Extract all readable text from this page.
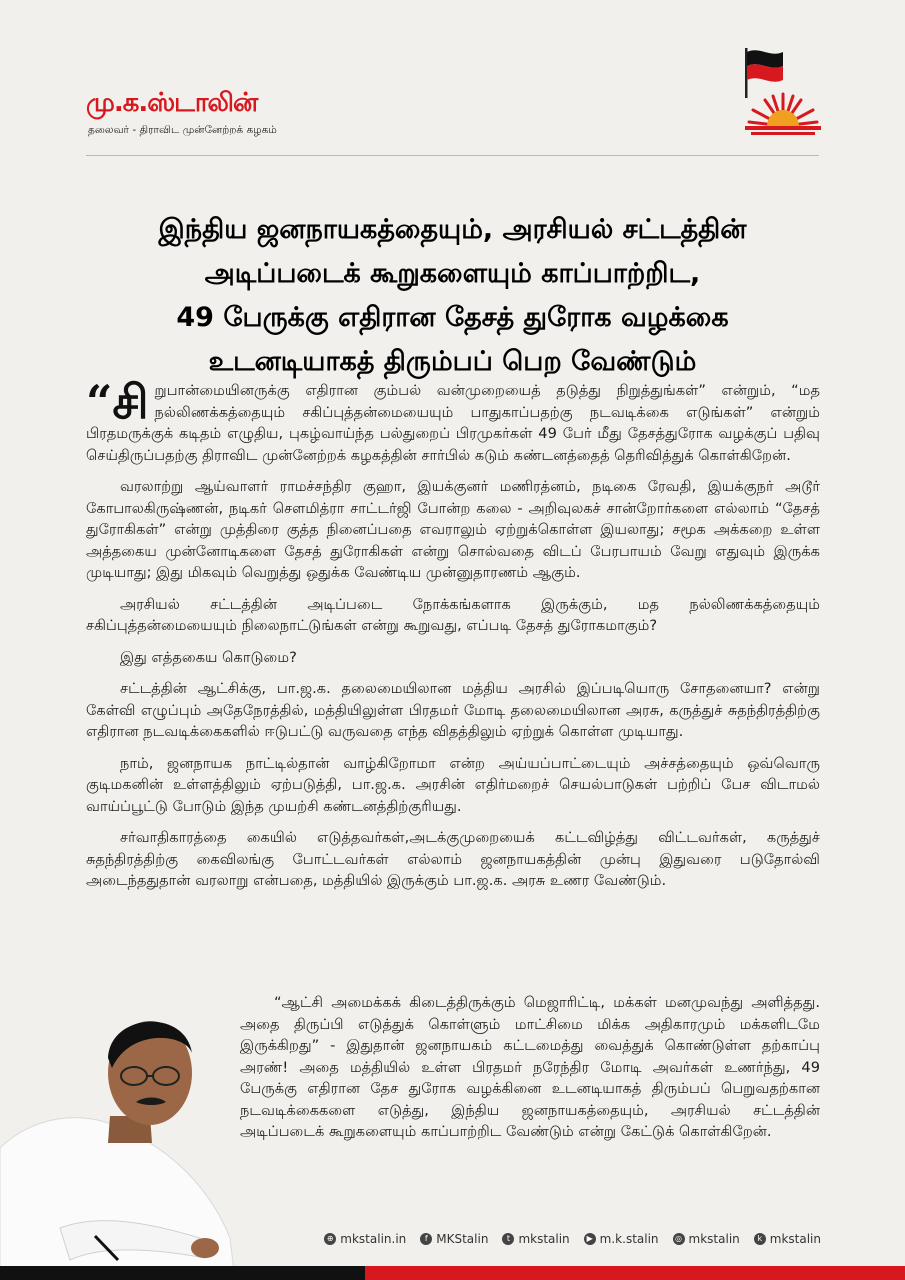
மு.க.ஸ்டாலின்
தலைவர் - திராவிட முன்னேற்றக் கழகம்
இந்திய ஜனநாயகத்தையும், அரசியல் சட்டத்தின்
அடிப்படைக் கூறுகளையும் காப்பாற்றிட,
49 பேருக்கு எதிரான தேசத் துரோக வழக்கை
உடனடியாகத் திரும்பப் பெற வேண்டும்

“சி றுபான்மையினருக்கு எதிரான கும்பல் வன்முறையைத் தடுத்து நிறுத்துங்கள்” என்றும், “மத நல்லிணக்கத்தையும் சகிப்புத்தன்மையையும் பாதுகாப்பதற்கு நடவடிக்கை எடுங்கள்” என்றும் பிரதமருக்குக் கடிதம் எழுதிய, புகழ்வாய்ந்த பல்துறைப் பிரமுகர்கள் 49 பேர் மீது தேசத்துரோக வழக்குப் பதிவு செய்திருப்பதற்கு திராவிட முன்னேற்றக் கழகத்தின் சார்பில் கடும் கண்டனத்தைத் தெரிவித்துக் கொள்கிறேன்.

வரலாற்று ஆய்வாளர் ராமச்சந்திர குஹா, இயக்குனர் மணிரத்னம், நடிகை ரேவதி, இயக்குநர் அடூர் கோபாலகிருஷ்ணன், நடிகர் சௌமித்ரா சாட்டர்ஜி போன்ற கலை - அறிவுலகச் சான்றோர்களை எல்லாம் “தேசத் துரோகிகள்” என்று முத்திரை குத்த நினைப்பதை எவராலும் ஏற்றுக்கொள்ள இயலாது; சமூக அக்கறை உள்ள அத்தகைய முன்னோடிகளை தேசத் துரோகிகள் என்று சொல்வதை விடப் பேரபாயம் வேறு எதுவும் இருக்க முடியாது; இது மிகவும் வெறுத்து ஒதுக்க வேண்டிய முன்னுதாரணம் ஆகும்.

அரசியல் சட்டத்தின் அடிப்படை நோக்கங்களாக இருக்கும், மத நல்லிணக்கத்தையும் சகிப்புத்தன்மையையும் நிலைநாட்டுங்கள் என்று கூறுவது, எப்படி தேசத் துரோகமாகும்?

இது எத்தகைய கொடுமை?

சட்டத்தின் ஆட்சிக்கு, பா.ஜ.க. தலைமையிலான மத்திய அரசில் இப்படியொரு சோதனையா? என்று கேள்வி எழுப்பும் அதேநேரத்தில், மத்தியிலுள்ள பிரதமர் மோடி தலைமையிலான அரசு, கருத்துச் சுதந்திரத்திற்கு எதிரான நடவடிக்கைகளில் ஈடுபட்டு வருவதை எந்த விதத்திலும் ஏற்றுக் கொள்ள முடியாது.

நாம், ஜனநாயக நாட்டில்தான் வாழ்கிறோமா என்ற அய்யப்பாட்டையும் அச்சத்தையும் ஒவ்வொரு குடிமகனின் உள்ளத்திலும் ஏற்படுத்தி, பா.ஜ.க. அரசின் எதிர்மறைச் செயல்பாடுகள் பற்றிப் பேச விடாமல் வாய்ப்பூட்டு போடும் இந்த முயற்சி கண்டனத்திற்குரியது.

சர்வாதிகாரத்தை கையில் எடுத்தவர்கள்,அடக்குமுறையைக் கட்டவிழ்த்து விட்டவர்கள், கருத்துச் சுதந்திரத்திற்கு கைவிலங்கு போட்டவர்கள் எல்லாம் ஜனநாயகத்தின் முன்பு இதுவரை படுதோல்வி அடைந்ததுதான் வரலாறு என்பதை, மத்தியில் இருக்கும் பா.ஜ.க. அரசு உணர வேண்டும்.

“ஆட்சி அமைக்கக் கிடைத்திருக்கும் மெஜாரிட்டி, மக்கள் மனமுவந்து அளித்தது. அதை திருப்பி எடுத்துக் கொள்ளும் மாட்சிமை மிக்க அதிகாரமும் மக்களிடமே இருக்கிறது” - இதுதான் ஜனநாயகம் கட்டமைத்து வைத்துக் கொண்டுள்ள தற்காப்பு அரண்! அதை மத்தியில் உள்ள பிரதமர் நரேந்திர மோடி அவர்கள் உணர்ந்து, 49 பேருக்கு எதிரான தேச துரோக வழக்கினை உடனடியாகத் திரும்பப் பெறுவதற்கான நடவடிக்கைகளை எடுத்து, இந்திய ஜனநாயகத்தையும், அரசியல் சட்டத்தின் அடிப்படைக் கூறுகளையும் காப்பாற்றிட வேண்டும் என்று கேட்டுக் கொள்கிறேன்.

⊕ mkstalin.in	f MKStalin	t mkstalin	▶ m.k.stalin	◎ mkstalin	k mkstalin
